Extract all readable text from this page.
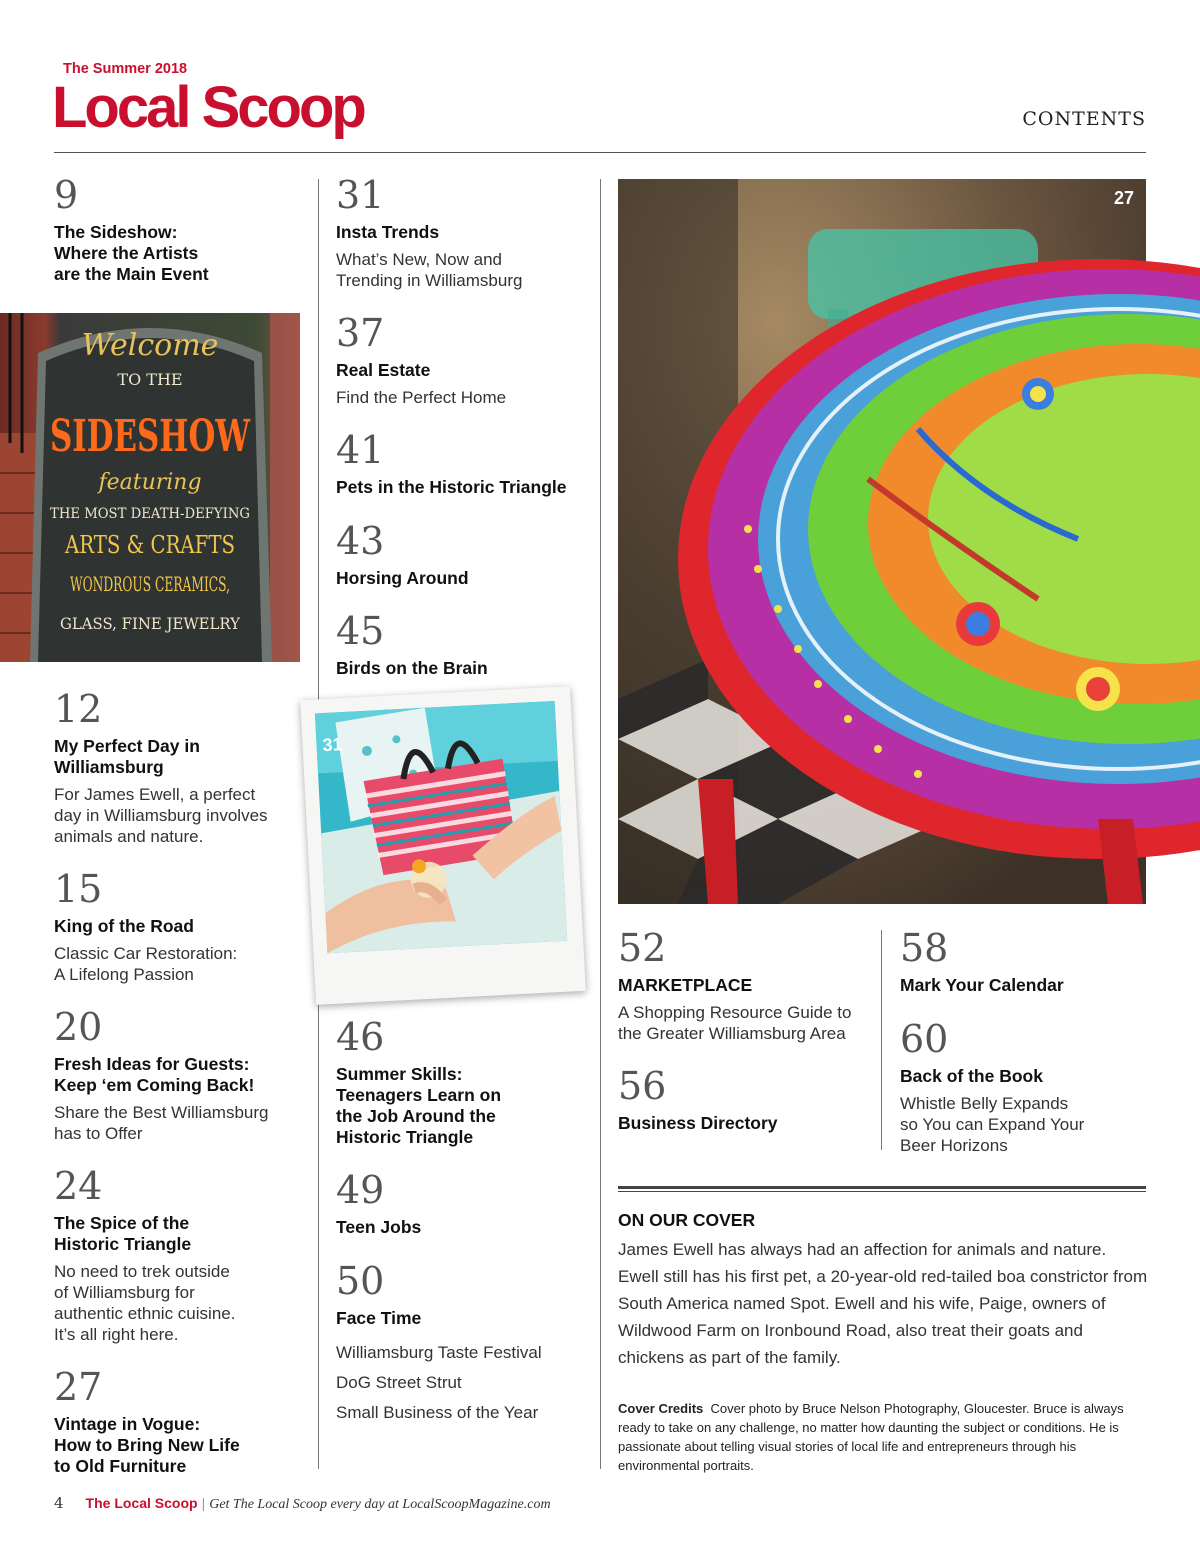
The Summer 2018
Local Scoop	CONTENTS
9
The Sideshow:
Where the Artists
are the Main Event
Welcome
TO THE
SIDESHOW
featuring
THE MOST DEATH-DEFYING
ARTS & CRAFTS
WONDROUS CERAMICS,
GLASS, FINE JEWELRY
12
My Perfect Day in
Williamsburg
For James Ewell, a perfect
day in Williamsburg involves
animals and nature.
15
King of the Road
Classic Car Restoration:
A Lifelong Passion
20
Fresh Ideas for Guests:
Keep ‘em Coming Back!
Share the Best Williamsburg
has to Offer
24
The Spice of the
Historic Triangle
No need to trek outside
of Williamsburg for
authentic ethnic cuisine.
It’s all right here.
27
Vintage in Vogue:
How to Bring New Life
to Old Furniture
31
Insta Trends
What’s New, Now and
Trending in Williamsburg
37
Real Estate
Find the Perfect Home
41
Pets in the Historic Triangle
43
Horsing Around
45
Birds on the Brain
31
46
Summer Skills:
Teenagers Learn on
the Job Around the
Historic Triangle
49
Teen Jobs
50
Face Time
Williamsburg Taste Festival
DoG Street Strut
Small Business of the Year
27
52
MARKETPLACE
A Shopping Resource Guide to
the Greater Williamsburg Area
56
Business Directory
58
Mark Your Calendar
60
Back of the Book
Whistle Belly Expands
so You can Expand Your
Beer Horizons
ON OUR COVER
James Ewell has always had an affection for animals and nature. Ewell still has his first pet, a 20-year-old red-tailed boa constrictor from South America named Spot. Ewell and his wife, Paige, owners of Wildwood Farm on Ironbound Road, also treat their goats and chickens as part of the family.
Cover Credits Cover photo by Bruce Nelson Photography, Gloucester. Bruce is always ready to take on any challenge, no matter how daunting the subject or conditions. He is passionate about telling visual stories of local life and entrepreneurs through his environmental portraits.
4 The Local Scoop | Get The Local Scoop every day at LocalScoopMagazine.com
